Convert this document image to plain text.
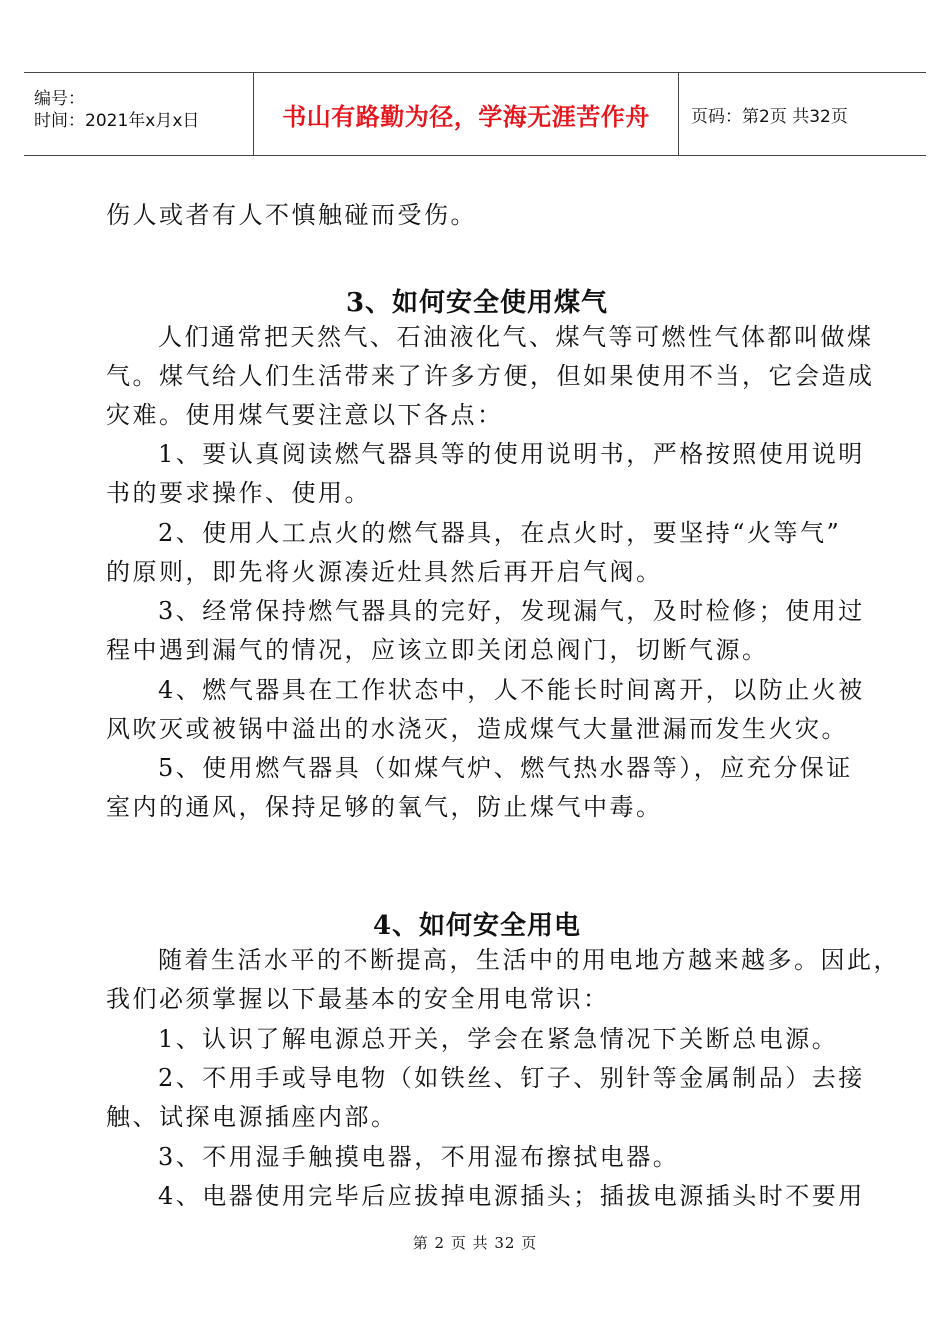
编号：
时间：2021年x月x日	书山有路勤为径，学海无涯苦作舟	页码：第2页 共32页

伤人或者有人不慎触碰而受伤。

3、如何安全使用煤气

人们通常把天然气、石油液化气、煤气等可燃性气体都叫做煤

气。煤气给人们生活带来了许多方便，但如果使用不当，它会造成

灾难。使用煤气要注意以下各点：

1、要认真阅读燃气器具等的使用说明书，严格按照使用说明

书的要求操作、使用。

2、使用人工点火的燃气器具，在点火时，要坚持“火等气”

的原则，即先将火源凑近灶具然后再开启气阀。

3、经常保持燃气器具的完好，发现漏气，及时检修；使用过

程中遇到漏气的情况，应该立即关闭总阀门，切断气源。

4、燃气器具在工作状态中，人不能长时间离开，以防止火被

风吹灭或被锅中溢出的水浇灭，造成煤气大量泄漏而发生火灾。

5、使用燃气器具（如煤气炉、燃气热水器等），应充分保证

室内的通风，保持足够的氧气，防止煤气中毒。

4、如何安全用电

随着生活水平的不断提高，生活中的用电地方越来越多。因此，

我们必须掌握以下最基本的安全用电常识：

1、认识了解电源总开关，学会在紧急情况下关断总电源。

2、不用手或导电物（如铁丝、钉子、别针等金属制品）去接

触、试探电源插座内部。

3、不用湿手触摸电器，不用湿布擦拭电器。

4、电器使用完毕后应拔掉电源插头；插拔电源插头时不要用

第 2 页 共 32 页
